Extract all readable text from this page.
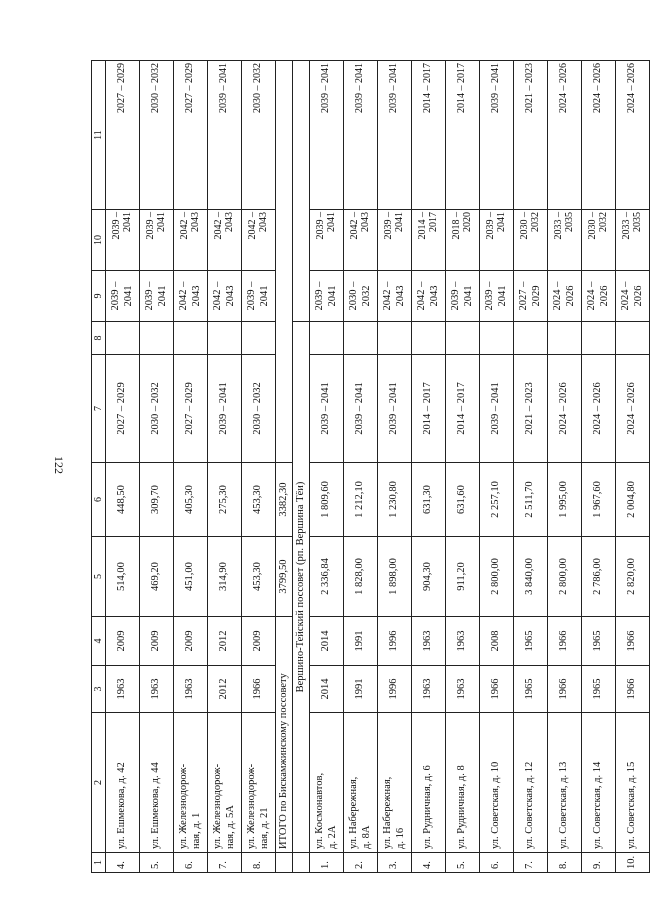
122
1	2	3	4	5	6	7	8	9	10	11
4.	ул. Ешмекова, д. 42	1963	2009	514,00	448,50	2027 – 2029		2039 – 2041	2039 – 2041	2027 – 2029
5.	ул. Ешмекова, д. 44	1963	2009	469,20	309,70	2030 – 2032		2039 – 2041	2039 – 2041	2030 – 2032
6.	ул. Железнодорож- ная, д. 1	1963	2009	451,00	405,30	2027 – 2029		2042 – 2043	2042 – 2043	2027 – 2029
7.	ул. Железнодорож- ная, д. 5А	2012	2012	314,90	275,30	2039 – 2041		2042 – 2043	2042 – 2043	2039 – 2041
8.	ул. Железнодорож- ная, д. 21	1966	2009	453,30	453,30	2030 – 2032		2039 – 2041	2042 – 2043	2030 – 2032
	ИТОГО по Бискамжинскому поссовету			3799,50	3382,30					
	Вершино-Тейский поссовет (рп. Вершина Тёи)									
1.	ул. Космонавтов, д. 2А	2014	2014	2 336,84	1 809,60	2039 – 2041		2039 – 2041	2039 – 2041	2039 – 2041
2.	ул. Набережная, д. 8А	1991	1991	1 828,00	1 212,10	2039 – 2041		2030 – 2032	2042 – 2043	2039 – 2041
3.	ул. Набережная, д. 16	1996	1996	1 898,00	1 230,80	2039 – 2041		2042 – 2043	2039 – 2041	2039 – 2041
4.	ул. Рудничная, д. 6	1963	1963	904,30	631,30	2014 – 2017		2042 – 2043	2014 – 2017	2014 – 2017
5.	ул. Рудничная, д. 8	1963	1963	911,20	631,60	2014 – 2017		2039 – 2041	2018 – 2020	2014 – 2017
6.	ул. Советская, д. 10	1966	2008	2 800,00	2 257,10	2039 – 2041		2039 – 2041	2039 – 2041	2039 – 2041
7.	ул. Советская, д. 12	1965	1965	3 840,00	2 511,70	2021 – 2023		2027 – 2029	2030 – 2032	2021 – 2023
8.	ул. Советская, д. 13	1966	1966	2 800,00	1 995,00	2024 – 2026		2024 – 2026	2033 – 2035	2024 – 2026
9.	ул. Советская, д. 14	1965	1965	2 786,00	1 967,60	2024 – 2026		2024 – 2026	2030 – 2032	2024 – 2026
10.	ул. Советская, д. 15	1966	1966	2 820,00	2 004,80	2024 – 2026		2024 – 2026	2033 – 2035	2024 – 2026
